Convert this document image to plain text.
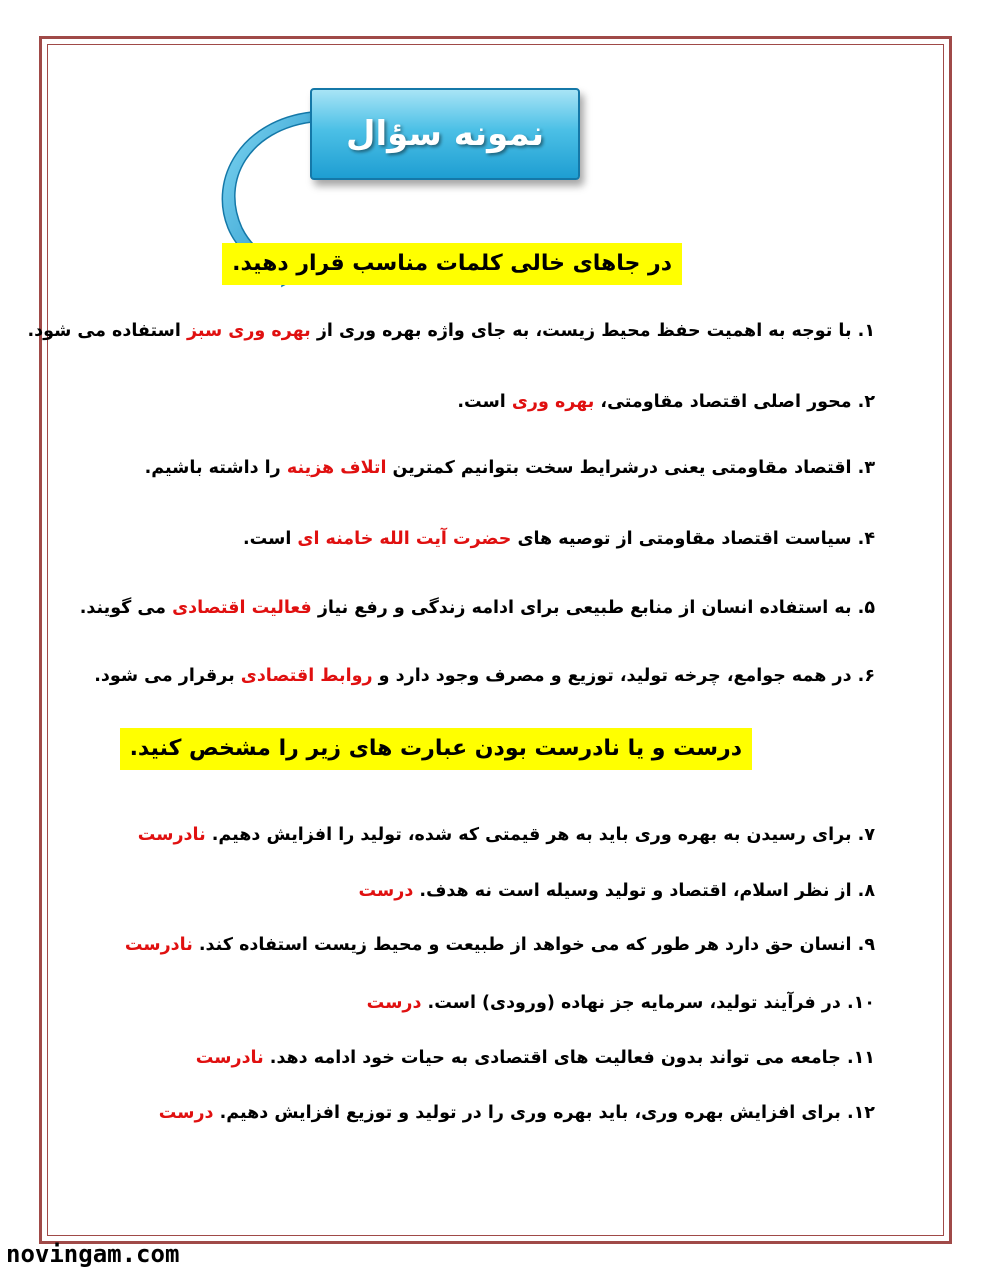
نمونه سؤال
در جاهای خالی کلمات مناسب قرار دهید.
۱. با توجه به اهمیت حفظ محیط زیست، به جای واژه بهره وری از بهره وری سبز استفاده می شود.
۲. محور اصلی اقتصاد مقاومتی، بهره وری است.
۳. اقتصاد مقاومتی یعنی درشرایط سخت بتوانیم کمترین اتلاف هزینه را داشته باشیم.
۴. سیاست اقتصاد مقاومتی از توصیه های حضرت آیت الله خامنه ای است.
۵. به استفاده انسان از منابع طبیعی برای ادامه زندگی و رفع نیاز فعالیت اقتصادی می گویند.
۶. در همه جوامع، چرخه تولید، توزیع و مصرف وجود دارد و روابط اقتصادی برقرار می شود.
درست و یا نادرست بودن عبارت های زیر را مشخص کنید.
۷. برای رسیدن به بهره وری باید به هر قیمتی که شده، تولید را افزایش دهیم. نادرست
۸. از نظر اسلام، اقتصاد و تولید وسیله است نه هدف. درست
۹. انسان حق دارد هر طور که می خواهد از طبیعت و محیط زیست استفاده کند. نادرست
۱۰. در فرآیند تولید، سرمایه جز نهاده (ورودی) است. درست
۱۱. جامعه می تواند بدون فعالیت های اقتصادی به حیات خود ادامه دهد. نادرست
۱۲. برای افزایش بهره وری، باید بهره وری را در تولید و توزیع افزایش دهیم. درست
novingam.com
